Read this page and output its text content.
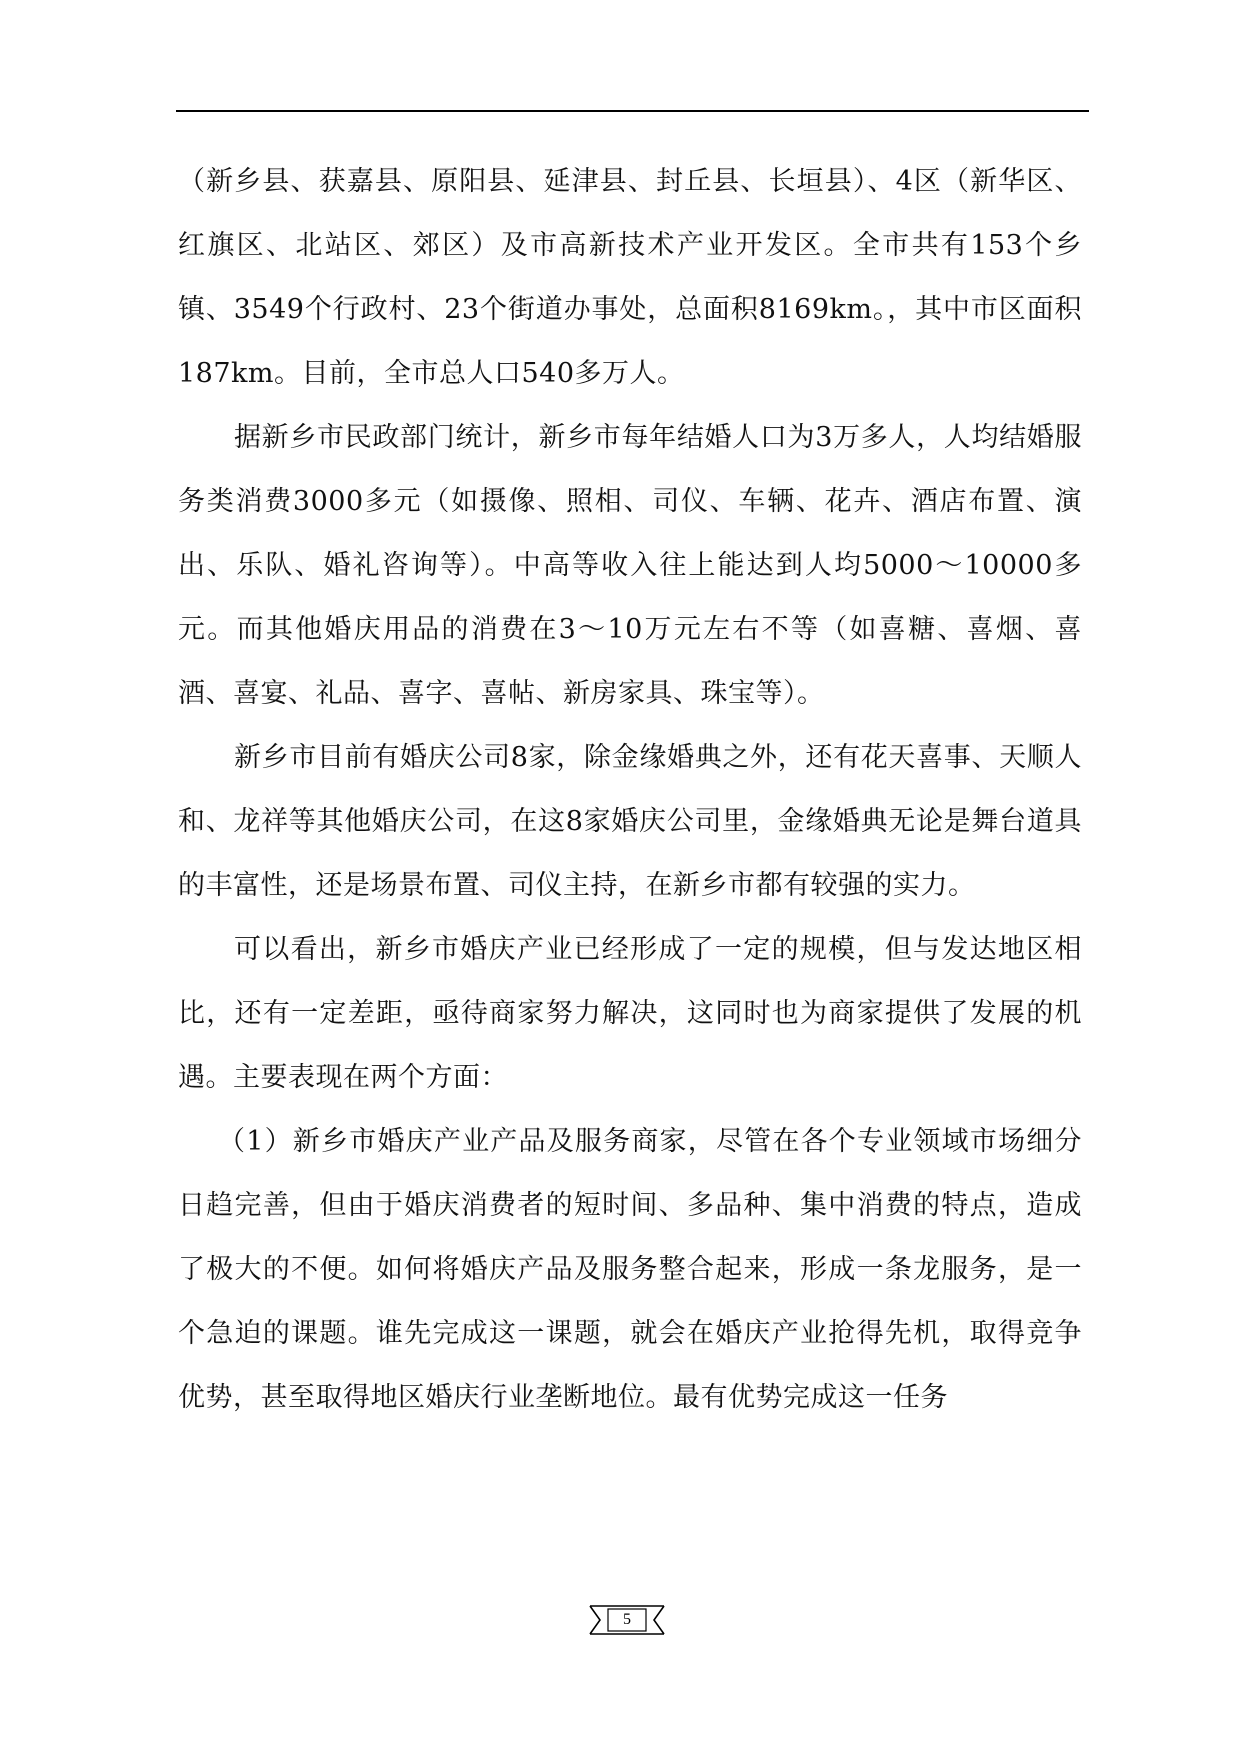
（新乡县、获嘉县、原阳县、延津县、封丘县、长垣县）、4区（新华区、红旗区、北站区、郊区）及市高新技术产业开发区。全市共有153个乡镇、3549个行政村、23个街道办事处，总面积8169km。，其中市区面积187km。目前，全市总人口540多万人。

据新乡市民政部门统计，新乡市每年结婚人口为3万多人，人均结婚服务类消费3000多元（如摄像、照相、司仪、车辆、花卉、酒店布置、演出、乐队、婚礼咨询等）。中高等收入往上能达到人均5000～10000多元。而其他婚庆用品的消费在3～10万元左右不等（如喜糖、喜烟、喜酒、喜宴、礼品、喜字、喜帖、新房家具、珠宝等）。

新乡市目前有婚庆公司8家，除金缘婚典之外，还有花天喜事、天顺人和、龙祥等其他婚庆公司，在这8家婚庆公司里，金缘婚典无论是舞台道具的丰富性，还是场景布置、司仪主持，在新乡市都有较强的实力。

可以看出，新乡市婚庆产业已经形成了一定的规模，但与发达地区相比，还有一定差距，亟待商家努力解决，这同时也为商家提供了发展的机遇。主要表现在两个方面：

（1）新乡市婚庆产业产品及服务商家，尽管在各个专业领域市场细分日趋完善，但由于婚庆消费者的短时间、多品种、集中消费的特点，造成了极大的不便。如何将婚庆产品及服务整合起来，形成一条龙服务，是一个急迫的课题。谁先完成这一课题，就会在婚庆产业抢得先机，取得竞争优势，甚至取得地区婚庆行业垄断地位。最有优势完成这一任务

5
